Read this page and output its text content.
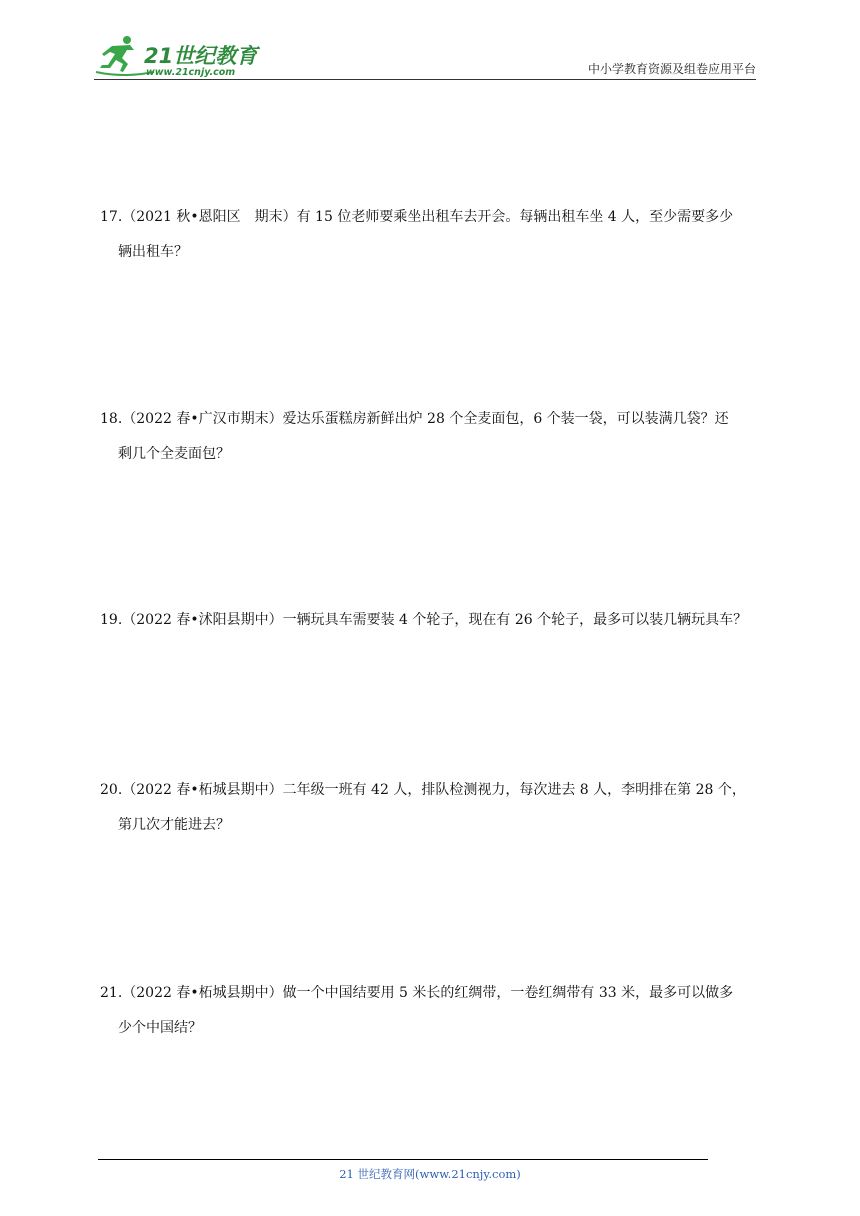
21世纪教育
www.21cnjy.com	中小学教育资源及组卷应用平台
17.（2021 秋•恩阳区　期末）有 15 位老师要乘坐出租车去开会。每辆出租车坐 4 人，至少需要多少
辆出租车？
18.（2022 春•广汉市期末）爱达乐蛋糕房新鲜出炉 28 个全麦面包，6 个装一袋，可以装满几袋？还
剩几个全麦面包？
19.（2022 春•沭阳县期中）一辆玩具车需要装 4 个轮子，现在有 26 个轮子，最多可以装几辆玩具车？
20.（2022 春•柘城县期中）二年级一班有 42 人，排队检测视力，每次进去 8 人，李明排在第 28 个，
第几次才能进去？
21.（2022 春•柘城县期中）做一个中国结要用 5 米长的红绸带，一卷红绸带有 33 米，最多可以做多
少个中国结？
21 世纪教育网(www.21cnjy.com)
